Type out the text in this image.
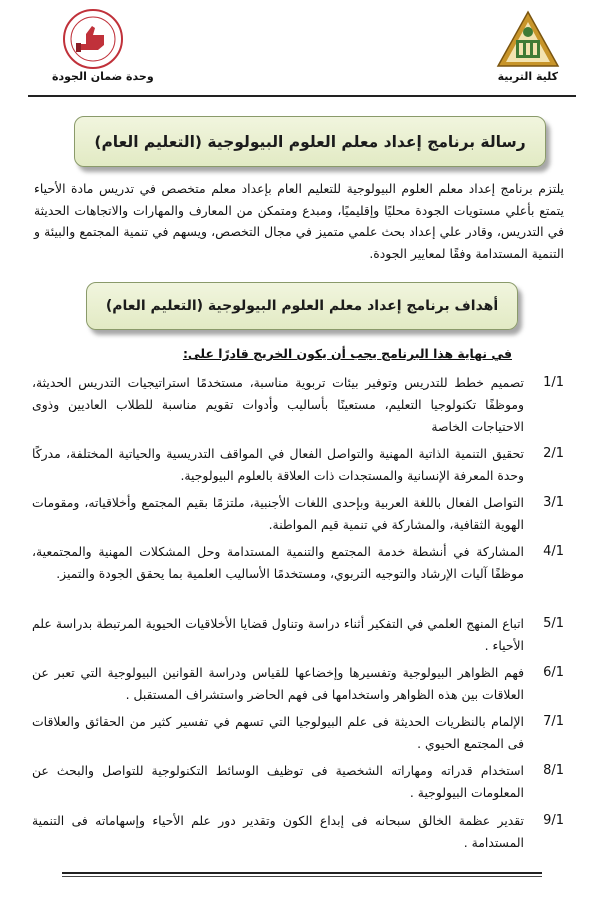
كلية التربية
وحدة ضمان الجودة
رسالة برنامج إعداد معلم العلوم البيولوجية (التعليم العام)

يلتزم برنامج إعداد معلم العلوم البيولوجية للتعليم العام بإعداد معلم متخصص في تدريس مادة الأحياء يتمتع بأعلي مستويات الجودة محليًا وإقليميًا، ومبدع ومتمكن من المعارف والمهارات والاتجاهات الحديثة في التدريس، وقادر علي إعداد بحث علمي متميز في مجال التخصص، ويسهم في تنمية المجتمع والبيئة و التنمية المستدامة وفقًا لمعايير الجودة.

أهداف برنامج إعداد معلم العلوم البيولوجية (التعليم العام)
في نهاية هذا البرنامج يجب أن يكون الخريج قادرًا على:
1/1
تصميم خطط للتدريس وتوفير بيئات تربوية مناسبة، مستخدمًا استراتيجيات التدريس الحديثة، وموظفًا تكنولوجيا التعليم، مستعينًا بأساليب وأدوات تقويم مناسبة للطلاب العاديين وذوى الاحتياجات الخاصة
2/1
تحقيق التنمية الذاتية المهنية والتواصل الفعال في المواقف التدريسية والحياتية المختلفة، مدركًا وحدة المعرفة الإنسانية والمستجدات ذات العلاقة بالعلوم البيولوجية.
3/1
التواصل الفعال باللغة العربية وبإحدى اللغات الأجنبية، ملتزمًا بقيم المجتمع وأخلاقياته، ومقومات الهوية الثقافية، والمشاركة في تنمية قيم المواطنة.
4/1
المشاركة في أنشطة خدمة المجتمع والتنمية المستدامة وحل المشكلات المهنية والمجتمعية، موظفًا آليات الإرشاد والتوجيه التربوي، ومستخدمًا الأساليب العلمية بما يحقق الجودة والتميز.
5/1
اتباع المنهج العلمي في التفكير أثناء دراسة وتناول قضايا الأخلاقيات الحيوية المرتبطة بدراسة علم الأحياء .
6/1
فهم الظواهر البيولوجية وتفسيرها وإخضاعها للقياس ودراسة القوانين البيولوجية التي تعبر عن العلاقات بين هذه الظواهر واستخدامها فى فهم الحاضر واستشراف المستقبل .
7/1
الإلمام بالنظريات الحديثة فى علم البيولوجيا التي تسهم في تفسير كثير من الحقائق والعلاقات فى المجتمع الحيوي .
8/1
استخدام قدراته ومهاراته الشخصية فى توظيف الوسائط التكنولوجية للتواصل والبحث عن المعلومات البيولوجية .
9/1
تقدير عظمة الخالق سبحانه فى إبداع الكون وتقدير دور علم الأحياء وإسهاماته فى التنمية المستدامة .
